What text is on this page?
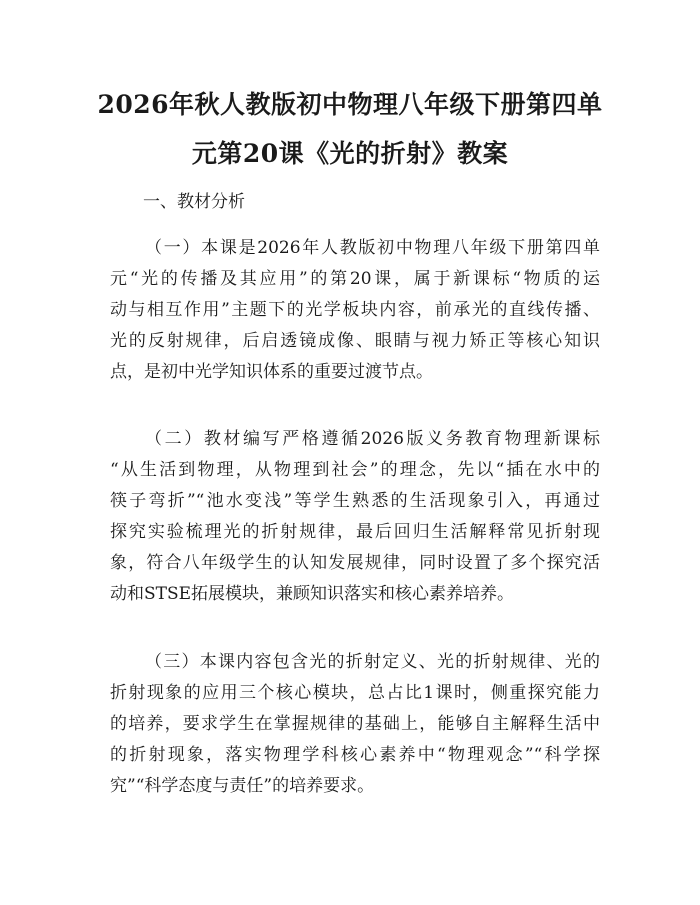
2026年秋人教版初中物理八年级下册第四单
元第20课《光的折射》教案
一、教材分析
（一）本课是2026年人教版初中物理八年级下册第四单
元“光的传播及其应用”的第20课，属于新课标“物质的运
动与相互作用”主题下的光学板块内容，前承光的直线传播、
光的反射规律，后启透镜成像、眼睛与视力矫正等核心知识
点，是初中光学知识体系的重要过渡节点。
（二）教材编写严格遵循2026版义务教育物理新课标
“从生活到物理，从物理到社会”的理念，先以“插在水中的
筷子弯折”“池水变浅”等学生熟悉的生活现象引入，再通过
探究实验梳理光的折射规律，最后回归生活解释常见折射现
象，符合八年级学生的认知发展规律，同时设置了多个探究活
动和STSE拓展模块，兼顾知识落实和核心素养培养。
（三）本课内容包含光的折射定义、光的折射规律、光的
折射现象的应用三个核心模块，总占比1课时，侧重探究能力
的培养，要求学生在掌握规律的基础上，能够自主解释生活中
的折射现象，落实物理学科核心素养中“物理观念”“科学探
究”“科学态度与责任”的培养要求。
